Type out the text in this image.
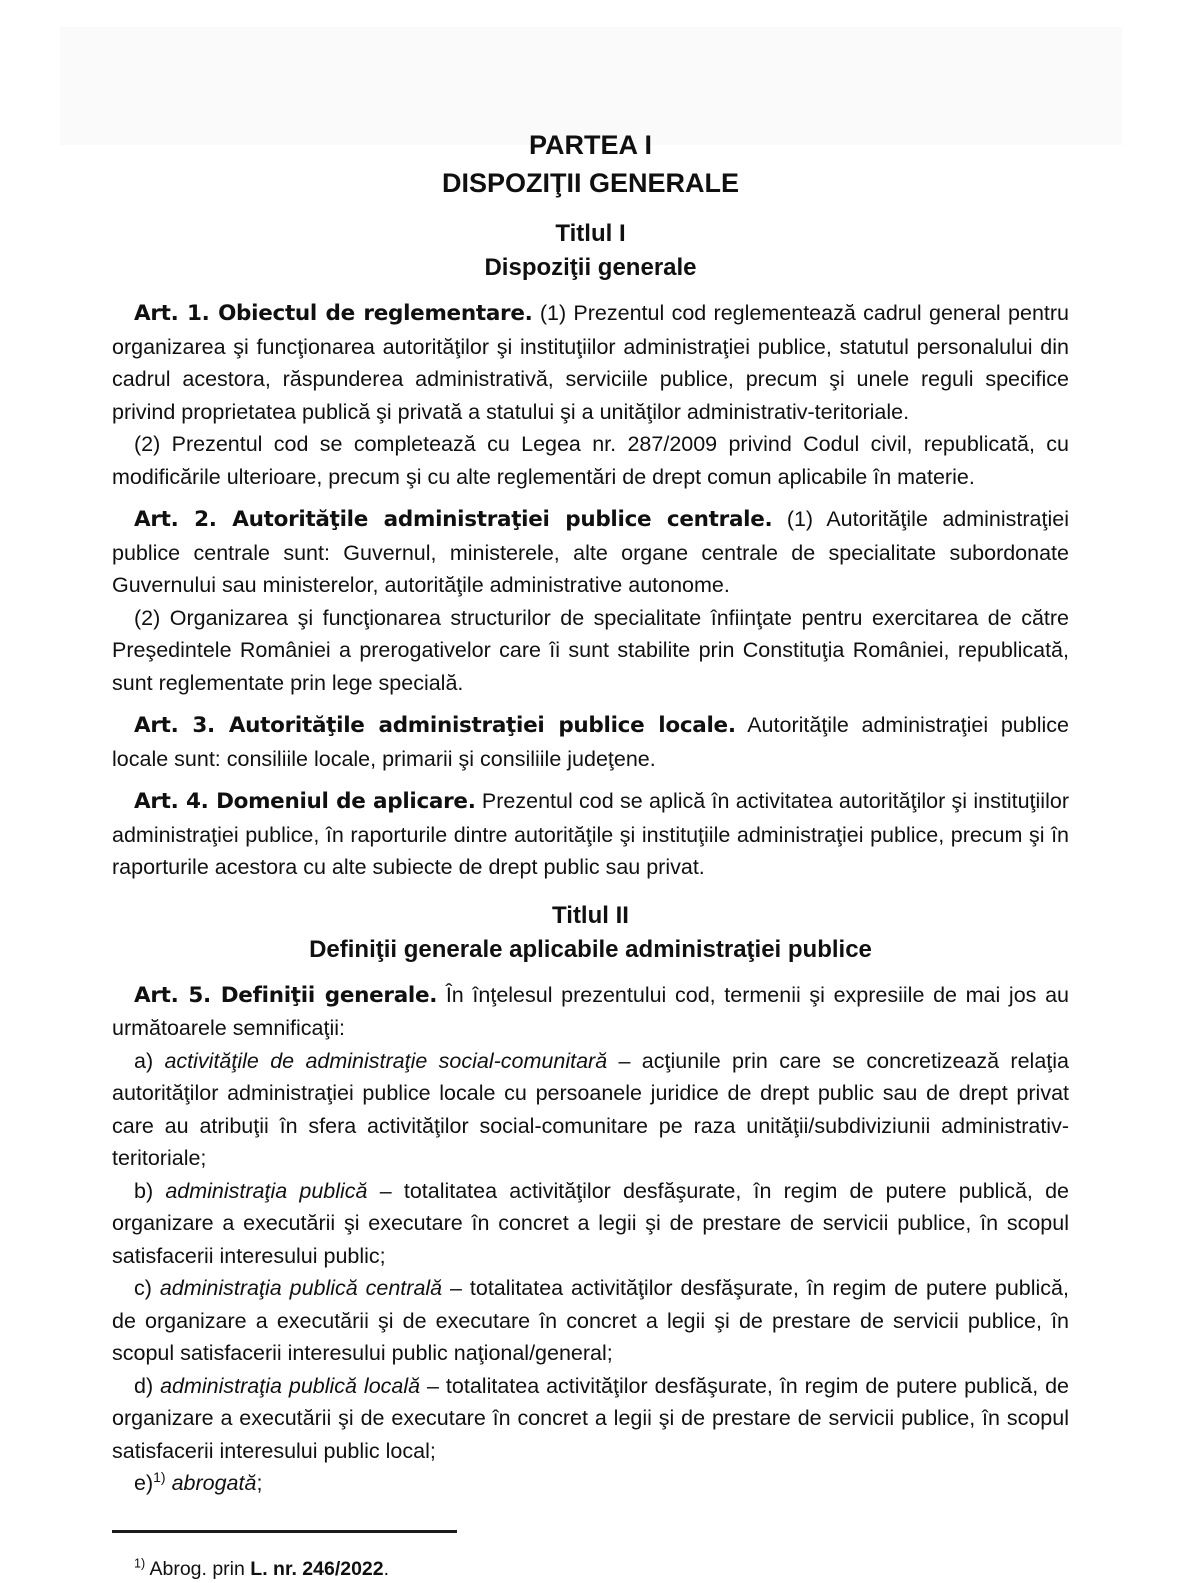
PARTEA I
DISPOZIŢII GENERALE

Titlul I
Dispoziţii generale

Art. 1. Obiectul de reglementare. (1) Prezentul cod reglementează cadrul general pentru organizarea şi funcţionarea autorităţilor şi instituţiilor administraţiei publice, statutul personalului din cadrul acestora, răspunderea administrativă, serviciile publice, precum şi unele reguli specifice privind proprietatea publică şi privată a statului şi a unităţilor administrativ-teritoriale.

(2) Prezentul cod se completează cu Legea nr. 287/2009 privind Codul civil, republicată, cu modificările ulterioare, precum şi cu alte reglementări de drept comun aplicabile în materie.

Art. 2. Autorităţile administraţiei publice centrale. (1) Autorităţile administraţiei publice centrale sunt: Guvernul, ministerele, alte organe centrale de specialitate subordonate Guvernului sau ministerelor, autorităţile administrative autonome.

(2) Organizarea şi funcţionarea structurilor de specialitate înfiinţate pentru exercitarea de către Preşedintele României a prerogativelor care îi sunt stabilite prin Constituţia României, republicată, sunt reglementate prin lege specială.

Art. 3. Autorităţile administraţiei publice locale. Autorităţile administraţiei publice locale sunt: consiliile locale, primarii şi consiliile judeţene.

Art. 4. Domeniul de aplicare. Prezentul cod se aplică în activitatea autorităţilor şi instituţiilor administraţiei publice, în raporturile dintre autorităţile şi instituţiile administraţiei publice, precum şi în raporturile acestora cu alte subiecte de drept public sau privat.

Titlul II
Definiţii generale aplicabile administraţiei publice

Art. 5. Definiţii generale. În înţelesul prezentului cod, termenii şi expresiile de mai jos au următoarele semnificaţii:

a) activităţile de administraţie social-comunitară – acţiunile prin care se concretizează relaţia autorităţilor administraţiei publice locale cu persoanele juridice de drept public sau de drept privat care au atribuţii în sfera activităţilor social-comunitare pe raza unităţii/subdiviziunii administrativ-teritoriale;

b) administraţia publică – totalitatea activităţilor desfăşurate, în regim de putere publică, de organizare a executării şi executare în concret a legii şi de prestare de servicii publice, în scopul satisfacerii interesului public;

c) administraţia publică centrală – totalitatea activităţilor desfăşurate, în regim de putere publică, de organizare a executării şi de executare în concret a legii şi de prestare de servicii publice, în scopul satisfacerii interesului public naţional/general;

d) administraţia publică locală – totalitatea activităţilor desfăşurate, în regim de putere publică, de organizare a executării şi de executare în concret a legii şi de prestare de servicii publice, în scopul satisfacerii interesului public local;

e)$^{1)}$ abrogată;

$^{1)}$ Abrog. prin L. nr. 246/2022.
